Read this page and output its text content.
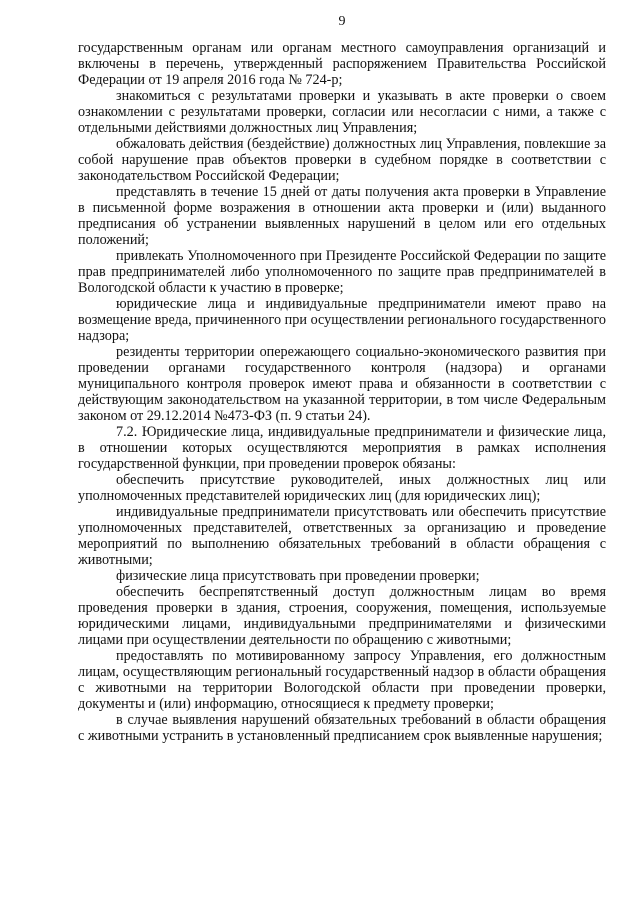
9

государственным органам или органам местного самоуправления организаций и включены в перечень, утвержденный распоряжением Правительства Российской Федерации от 19 апреля 2016 года № 724-р;

знакомиться с результатами проверки и указывать в акте проверки о своем ознакомлении с результатами проверки, согласии или несогласии с ними, а также с отдельными действиями должностных лиц Управления;

обжаловать действия (бездействие) должностных лиц Управления, повлекшие за собой нарушение прав объектов проверки в судебном порядке в соответствии с законодательством Российской Федерации;

представлять в течение 15 дней от даты получения акта проверки в Управление в письменной форме возражения в отношении акта проверки и (или) выданного предписания об устранении выявленных нарушений в целом или его отдельных положений;

привлекать Уполномоченного при Президенте Российской Федерации по защите прав предпринимателей либо уполномоченного по защите прав предпринимателей в Вологодской области к участию в проверке;

юридические лица и индивидуальные предприниматели имеют право на возмещение вреда, причиненного при осуществлении регионального государственного надзора;

резиденты территории опережающего социально-экономического развития при проведении органами государственного контроля (надзора) и органами муниципального контроля проверок имеют права и обязанности в соответствии с действующим законодательством на указанной территории, в том числе Федеральным законом от 29.12.2014 №473-ФЗ (п. 9 статьи 24).

7.2. Юридические лица, индивидуальные предприниматели и физические лица, в отношении которых осуществляются мероприятия в рамках исполнения государственной функции, при проведении проверок обязаны:

обеспечить присутствие руководителей, иных должностных лиц или уполномоченных представителей юридических лиц (для юридических лиц);

индивидуальные предприниматели присутствовать или обеспечить присутствие уполномоченных представителей, ответственных за организацию и проведение мероприятий по выполнению обязательных требований в области обращения с животными;

физические лица присутствовать при проведении проверки;

обеспечить беспрепятственный доступ должностным лицам во время проведения проверки в здания, строения, сооружения, помещения, используемые юридическими лицами, индивидуальными предпринимателями и физическими лицами при осуществлении деятельности по обращению с животными;

предоставлять по мотивированному запросу Управления, его должностным лицам, осуществляющим региональный государственный надзор в области обращения с животными на территории Вологодской области при проведении проверки, документы и (или) информацию, относящиеся к предмету проверки;

в случае выявления нарушений обязательных требований в области обращения с животными устранить в установленный предписанием срок выявленные нарушения;
